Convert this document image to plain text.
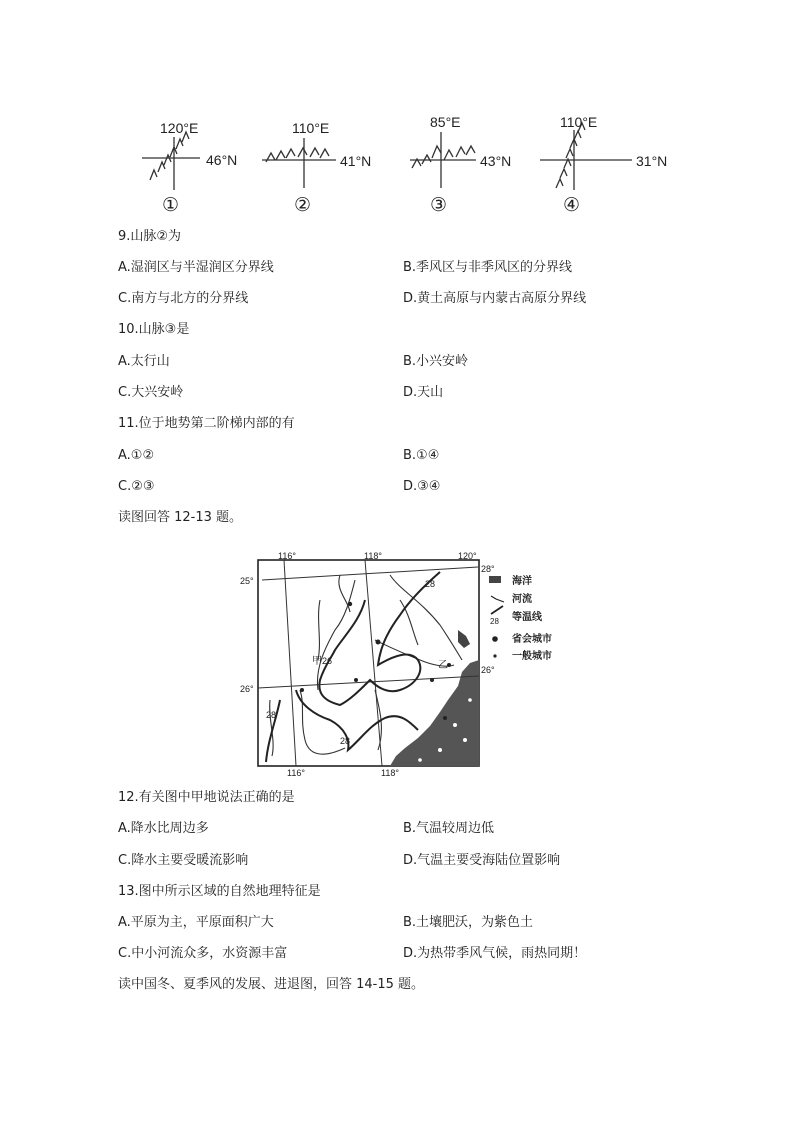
120°E
46°N
①
110°E
41°N
②
85°E
43°N
③
110°E
31°N
④
9.山脉②为
A.湿润区与半湿润区分界线	B.季风区与非季风区的分界线
C.南方与北方的分界线	D.黄土高原与内蒙古高原分界线
10.山脉③是
A.太行山	B.小兴安岭
C.大兴安岭	D.天山
11.位于地势第二阶梯内部的有
A.①②	B.①④
C.②③	D.③④
读图回答 12-13 题。
116°	118°	120°
116°	118°
28°
25°
26°
26°
28
26
28
28
甲	乙
海洋
河流
28 等温线
省会城市
一般城市
12.有关图中甲地说法正确的是
A.降水比周边多	B.气温较周边低
C.降水主要受暖流影响	D.气温主要受海陆位置影响
13.图中所示区域的自然地理特征是
A.平原为主，平原面积广大	B.土壤肥沃，为紫色土
C.中小河流众多，水资源丰富	D.为热带季风气候，雨热同期！
读中国冬、夏季风的发展、进退图，回答 14-15 题。
